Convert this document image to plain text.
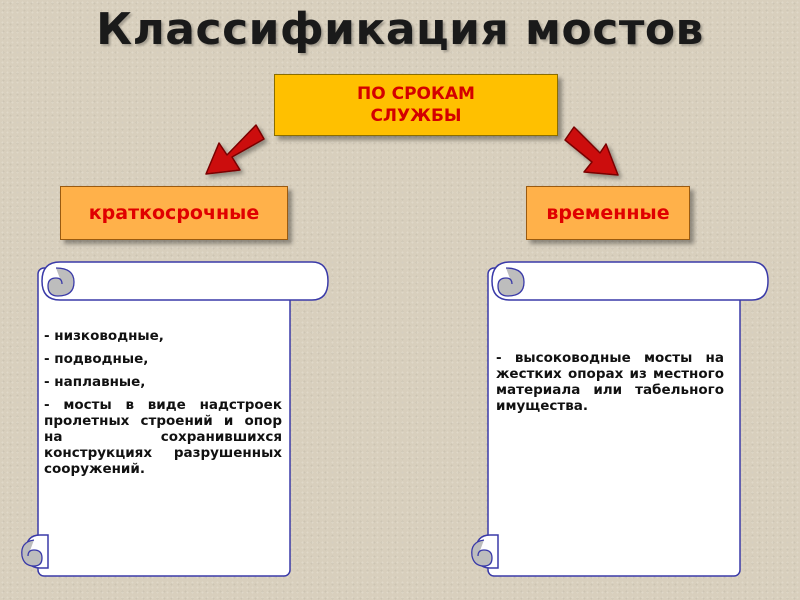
Классификация мостов
ПО СРОКАМ
СЛУЖБЫ
краткосрочные	временные
- низководные,
- подводные,
- наплавные,
- мосты в виде надстроек пролетных строений и опор на сохранившихся конструкциях разрушенных сооружений.
- высоководные мосты на жестких опорах из местного материала или табельного имущества.
